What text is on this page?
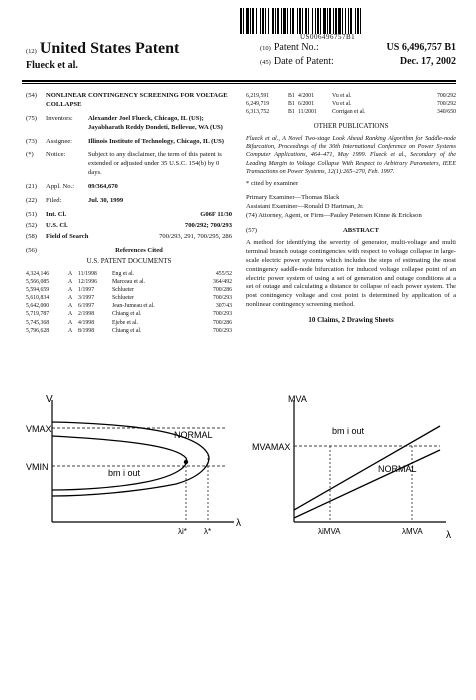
US006496757B1
(12) United States Patent
Flueck et al.
(10) Patent No.:	US 6,496,757 B1
(45) Date of Patent:	Dec. 17, 2002
(54)	NONLINEAR CONTINGENCY SCREENING FOR VOLTAGE COLLAPSE
(75)	Inventors:	Alexander Joel Flueck, Chicago, IL (US); Jayabharath Reddy Dondeti, Bellevue, WA (US)
(73)	Assignee:	Illinois Institute of Technology, Chicago, IL (US)
(*)	Notice:	Subject to any disclaimer, the term of this patent is extended or adjusted under 35 U.S.C. 154(b) by 0 days.
(21)	Appl. No.:	09/364,670
(22)	Filed:	Jul. 30, 1999
(51)	Int. Cl.	G06F 11/30
(52)	U.S. Cl.	700/292; 700/293
(58)	Field of Search	700/293, 291, 700/295, 286
(56)	References Cited
U.S. PATENT DOCUMENTS
4,324,146	A	11/1998	Eng et al.	455/52
5,566,085	A	12/1996	Marceau et al.	364/492
5,594,659	A	1/1997	Schlueter	700/286
5,610,834	A	3/1997	Schlueter	700/293
5,642,000	A	6/1997	Jean-Jumeau et al.	307/43
5,719,787	A	2/1998	Chiang et al.	700/293
5,745,368	A	4/1998	Ejebe et al.	700/286
5,796,628	A	8/1998	Chiang et al.	700/293
6,219,591	B1 4/2001	Vu et al.	700/292
6,249,719	B1 6/2001	Vu et al.	700/292
6,313,752	B1 11/2001	Corrigan et al.	340/650
OTHER PUBLICATIONS
Flueck et al., A Novel Two-stage Look Ahead Ranking Algorithm for Saddle-node Bifurcation, Proceedings of the 30th International Conference on Power Systems Computer Applications, 464–471, May 1999. Flueck et al., Secondary of the Leading Margin to Voltage Collapse With Respect to Arbitrary Parameters, IEEE Transactions on Power Systems, 12(1):265–270, Feb. 1997.
* cited by examiner
Primary Examiner—Thomas Black
Assistant Examiner—Ronald D Hartman, Jr.
(74) Attorney, Agent, or Firm—Pauley Petersen Kinne & Erickson
(57)	ABSTRACT
A method for identifying the severity of generator, multi-voltage and multi terminal branch outage contingencies with respect to voltage collapse in large-scale electric power systems which includes the steps of estimating the most contingency saddle-node bifurcation for induced voltage collapse point of an electric power system of using a set of generation and outage conditions at a set of outage and calculating a distance to collapse of each power system. The post contingency voltage and cost point is determined by application of a nonlinear contingency screening method.
10 Claims, 2 Drawing Sheets
V
VMAX
VMIN
NORMAL
bm i out
λi* λ*
λ
MVA
MVAMAX
bm i out
NORMAL
λiMVA	λMVA λ
